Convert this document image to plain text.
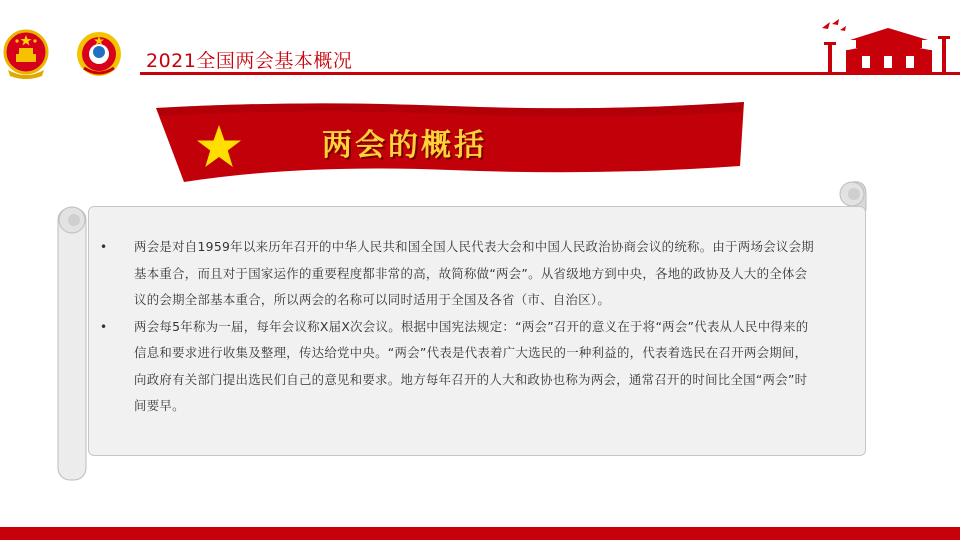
2021全国两会基本概况
两会的概括
• 两会是对自1959年以来历年召开的中华人民共和国全国人民代表大会和中国人民政治协商会议的统称。由于两场会议会期基本重合，而且对于国家运作的重要程度都非常的高，故简称做“两会”。从省级地方到中央，各地的政协及人大的全体会议的会期全部基本重合，所以两会的名称可以同时适用于全国及各省（市、自治区）。
• 两会每5年称为一届，每年会议称X届X次会议。根据中国宪法规定：“两会”召开的意义在于将“两会”代表从人民中得来的信息和要求进行收集及整理，传达给党中央。“两会”代表是代表着广大选民的一种利益的，代表着选民在召开两会期间，向政府有关部门提出选民们自己的意见和要求。地方每年召开的人大和政协也称为两会，通常召开的时间比全国“两会”时间要早。
